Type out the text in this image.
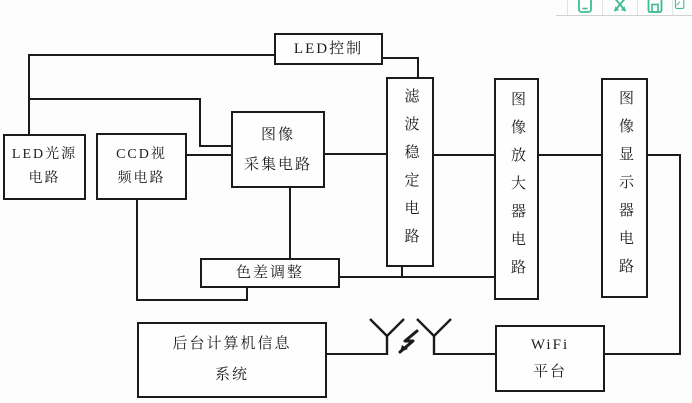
LED控制
LED光源
电路
CCD视
频电路
图像
采集电路	滤波稳定电路	图像放大器电路	图像显示器电路
色差调整
后台计算机信息
系统
WiFi
平台
